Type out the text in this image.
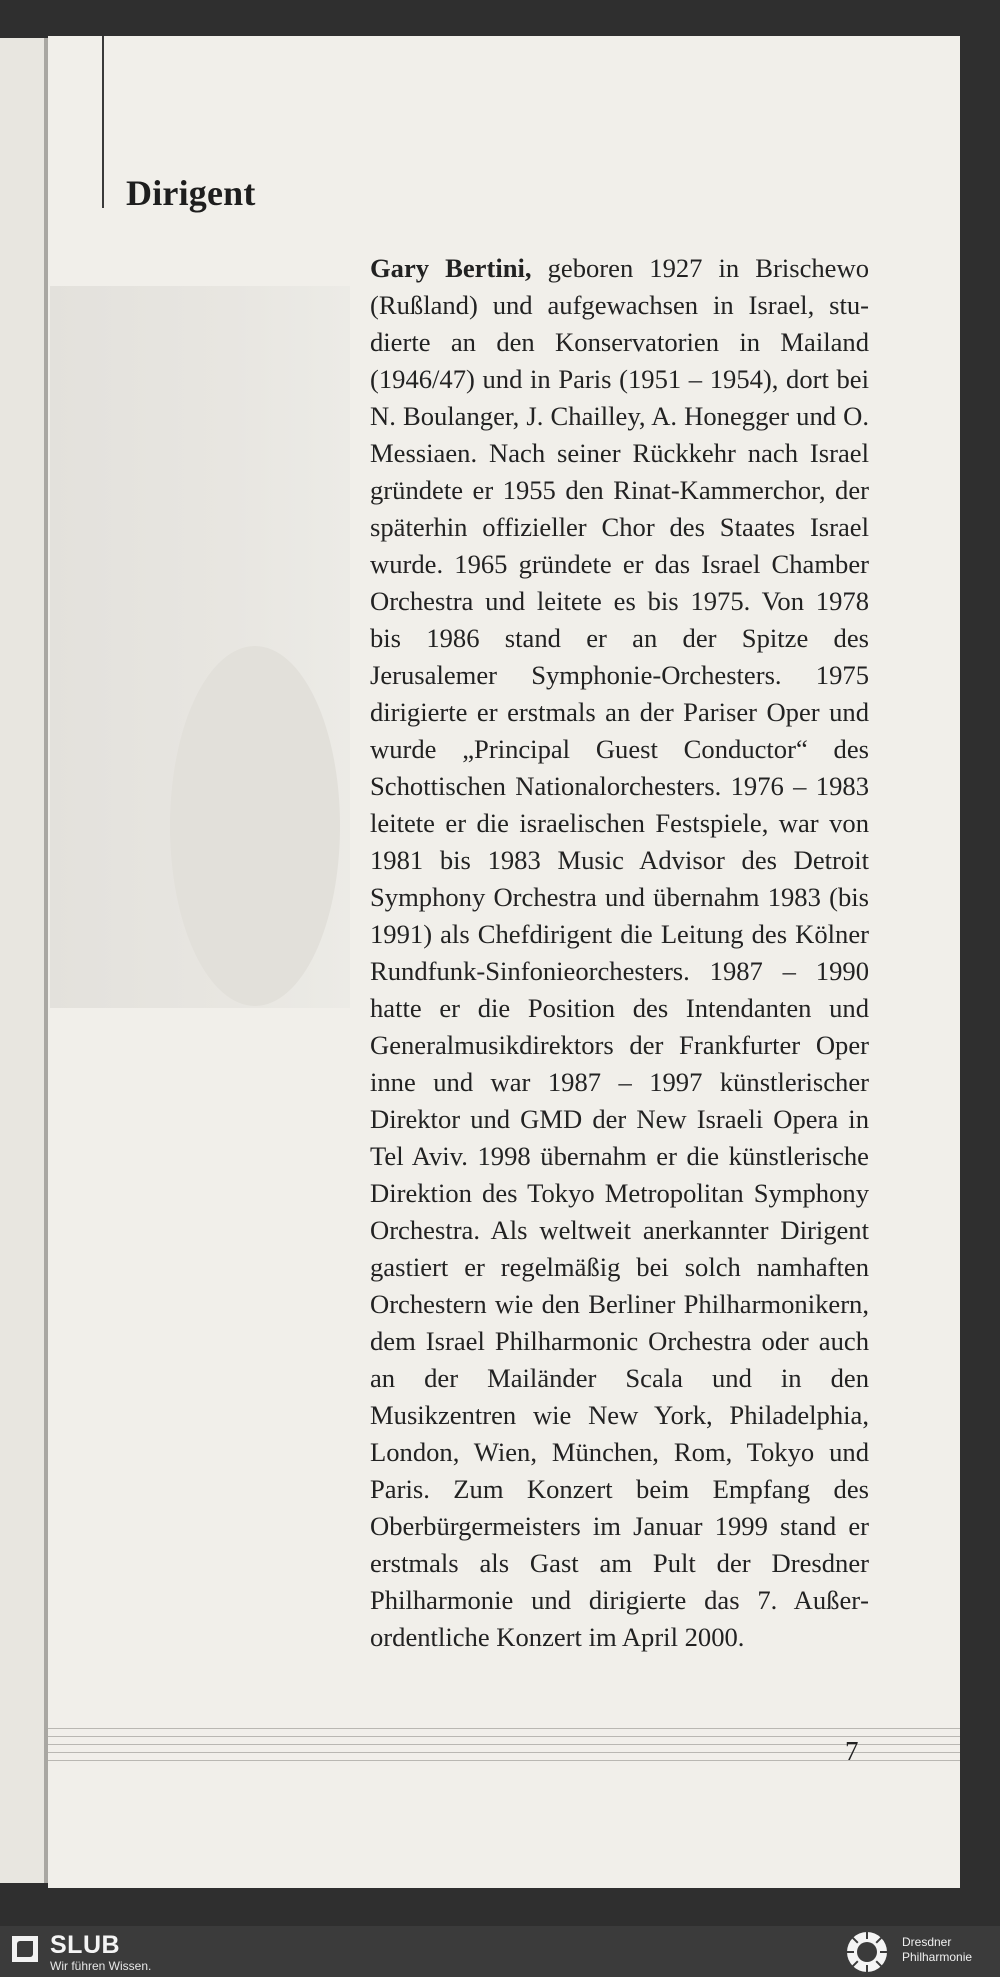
Dirigent

Gary Bertini, geboren 1927 in Brischewo (Rußland) und aufgewachsen in Israel, studierte an den Konservatorien in Mailand (1946/47) und in Paris (1951 – 1954), dort bei N. Boulanger, J. Chailley, A. Honegger und O. Messiaen. Nach seiner Rückkehr nach Israel gründete er 1955 den Rinat-Kammerchor, der späterhin offizieller Chor des Staates Israel wurde. 1965 gründete er das Israel Chamber Orchestra und leitete es bis 1975. Von 1978 bis 1986 stand er an der Spitze des Jerusalemer Symphonie-Orchesters. 1975 dirigierte er erstmals an der Pariser Oper und wurde „Principal Guest Conductor“ des Schottischen Nationalorchesters. 1976 – 1983 leitete er die israelischen Festspiele, war von 1981 bis 1983 Music Advisor des Detroit Symphony Orchestra und übernahm 1983 (bis 1991) als Chefdirigent die Leitung des Kölner Rundfunk-Sinfonieorchesters. 1987 – 1990 hatte er die Position des Intendanten und Generalmusikdirektors der Frankfurter Oper inne und war 1987 – 1997 künstlerischer Direktor und GMD der New Israeli Opera in Tel Aviv. 1998 übernahm er die künstlerische Direktion des Tokyo Metropolitan Symphony Orchestra. Als weltweit anerkannter Dirigent gastiert er regelmäßig bei solch namhaften Orchestern wie den Berliner Philharmonikern, dem Israel Philharmonic Orchestra oder auch an der Mailänder Scala und in den Musikzentren wie New York, Philadelphia, London, Wien, München, Rom, Tokyo und Paris. Zum Konzert beim Empfang des Oberbürgermeisters im Januar 1999 stand er erstmals als Gast am Pult der Dresdner Philharmonie und dirigierte das 7. Außerordentliche Konzert im April 2000.

7
SLUB
Wir führen Wissen.
Dresdner
Philharmonie
